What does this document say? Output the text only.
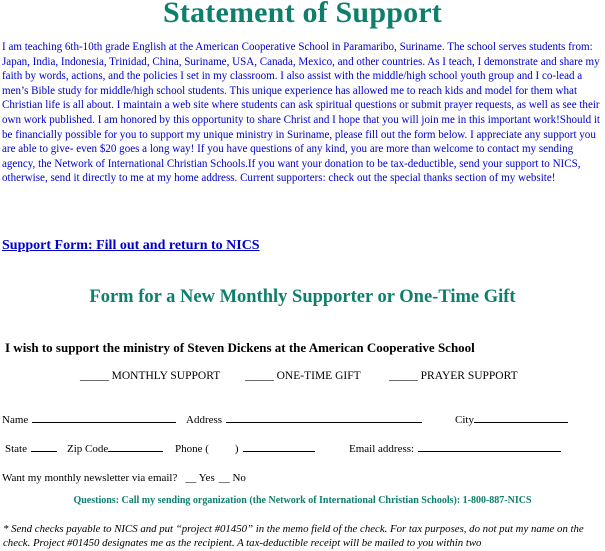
Statement of Support

I am teaching 6th-10th grade English at the American Cooperative School in Paramaribo, Suriname. The school serves students from: Japan, India, Indonesia, Trinidad, China, Suriname, USA, Canada, Mexico, and other countries. As I teach, I demonstrate and share my faith by words, actions, and the policies I set in my classroom. I also assist with the middle/high school youth group and I co-lead a men’s Bible study for middle/high school students. This unique experience has allowed me to reach kids and model for them what Christian life is all about. I maintain a web site where students can ask spiritual questions or submit prayer requests, as well as see their own work published. I am honored by this opportunity to share Christ and I hope that you will join me in this important work!Should it be financially possible for you to support my unique ministry in Suriname, please fill out the form below. I appreciate any support you are able to give- even $20 goes a long way! If you have questions of any kind, you are more than welcome to contact my sending agency, the Network of International Christian Schools.If you want your donation to be tax-deductible, send your support to NICS, otherwise, send it directly to me at my home address. Current supporters: check out the special thanks section of my website!

Support Form: Fill out and return to NICS
Form for a New Monthly Supporter or One-Time Gift
I wish to support the ministry of Steven Dickens at the American Cooperative School
_____ MONTHLY SUPPORT _____ ONE-TIME GIFT _____ PRAYER SUPPORT
Name	Address	City
State	Zip Code	Phone ( )	Email address:
Want my monthly newsletter via email? __ Yes __ No
Questions: Call my sending organization (the Network of International Christian Schools): 1-800-887-NICS

* Send checks payable to NICS and put “project #01450” in the memo field of the check. For tax purposes, do not put my name on the check. Project #01450 designates me as the recipient. A tax-deductible receipt will be mailed to you within two
